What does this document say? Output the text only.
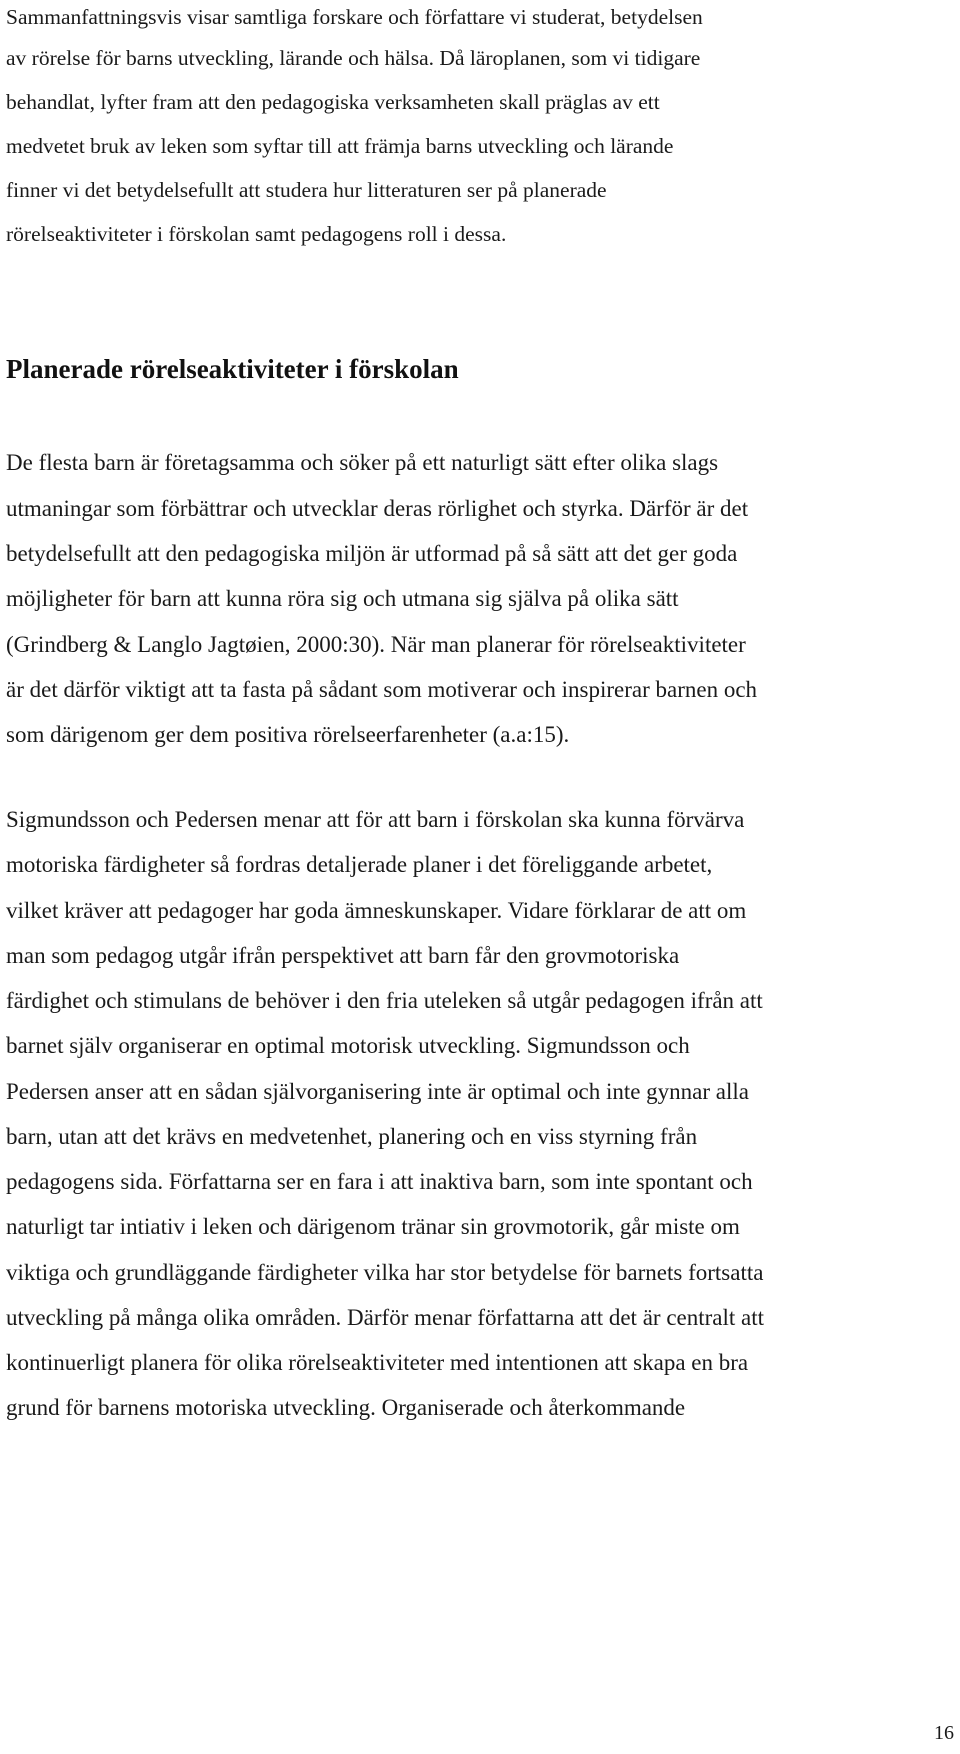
Sammanfattningsvis visar samtliga forskare och författare vi studerat, betydelsen
av rörelse för barns utveckling, lärande och hälsa. Då läroplanen, som vi tidigare
behandlat, lyfter fram att den pedagogiska verksamheten skall präglas av ett
medvetet bruk av leken som syftar till att främja barns utveckling och lärande
finner vi det betydelsefullt att studera hur litteraturen ser på planerade
rörelseaktiviteter i förskolan samt pedagogens roll i dessa.
Planerade rörelseaktiviteter i förskolan
De flesta barn är företagsamma och söker på ett naturligt sätt efter olika slags
utmaningar som förbättrar och utvecklar deras rörlighet och styrka. Därför är det
betydelsefullt att den pedagogiska miljön är utformad på så sätt att det ger goda
möjligheter för barn att kunna röra sig och utmana sig själva på olika sätt
(Grindberg & Langlo Jagtøien, 2000:30). När man planerar för rörelseaktiviteter
är det därför viktigt att ta fasta på sådant som motiverar och inspirerar barnen och
som därigenom ger dem positiva rörelseerfarenheter (a.a:15).
Sigmundsson och Pedersen menar att för att barn i förskolan ska kunna förvärva
motoriska färdigheter så fordras detaljerade planer i det föreliggande arbetet,
vilket kräver att pedagoger har goda ämneskunskaper. Vidare förklarar de att om
man som pedagog utgår ifrån perspektivet att barn får den grovmotoriska
färdighet och stimulans de behöver i den fria uteleken så utgår pedagogen ifrån att
barnet själv organiserar en optimal motorisk utveckling. Sigmundsson och
Pedersen anser att en sådan självorganisering inte är optimal och inte gynnar alla
barn, utan att det krävs en medvetenhet, planering och en viss styrning från
pedagogens sida. Författarna ser en fara i att inaktiva barn, som inte spontant och
naturligt tar intiativ i leken och därigenom tränar sin grovmotorik, går miste om
viktiga och grundläggande färdigheter vilka har stor betydelse för barnets fortsatta
utveckling på många olika områden. Därför menar författarna att det är centralt att
kontinuerligt planera för olika rörelseaktiviteter med intentionen att skapa en bra
grund för barnens motoriska utveckling. Organiserade och återkommande
16
